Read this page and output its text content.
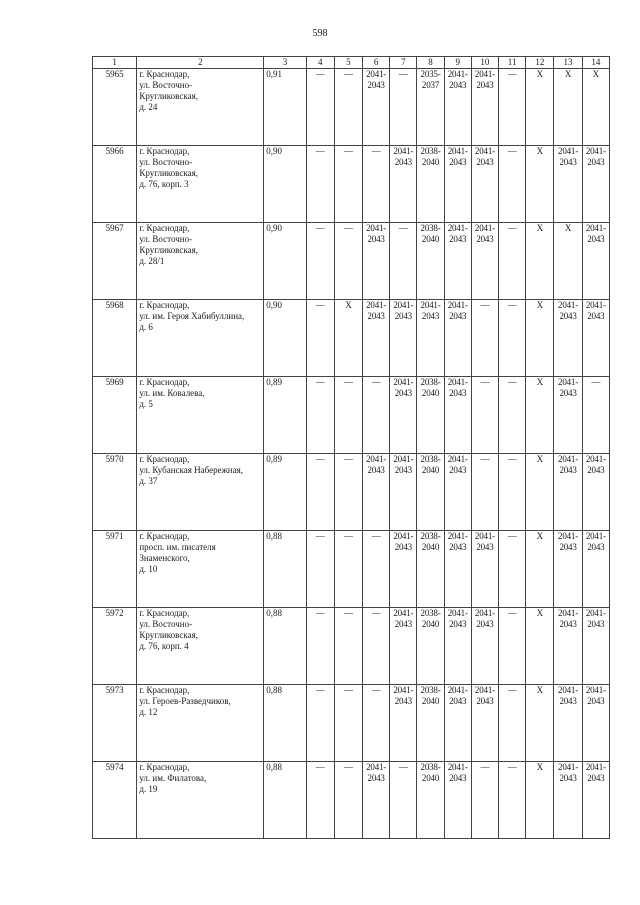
598
1	2	3	4	5	6	7	8	9	10	11	12	13	14
5965	г. Краснодар,
ул. Восточно-
Кругликовская,
д. 24	0,91	—	—	2041-
2043	—	2035-
2037	2041-
2043	2041-
2043	—	X	X	X
5966	г. Краснодар,
ул. Восточно-
Кругликовская,
д. 76, корп. 3	0,90	—	—	—	2041-
2043	2038-
2040	2041-
2043	2041-
2043	—	X	2041-
2043	2041-
2043
5967	г. Краснодар,
ул. Восточно-
Кругликовская,
д. 28/1	0,90	—	—	2041-
2043	—	2038-
2040	2041-
2043	2041-
2043	—	X	X	2041-
2043
5968	г. Краснодар,
ул. им. Героя Хабибуллина,
д. 6	0,90	—	X	2041-
2043	2041-
2043	2041-
2043	2041-
2043	—	—	X	2041-
2043	2041-
2043
5969	г. Краснодар,
ул. им. Ковалева,
д. 5	0,89	—	—	—	2041-
2043	2038-
2040	2041-
2043	—	—	X	2041-
2043	—
5970	г. Краснодар,
ул. Кубанская Набережная,
д. 37	0,89	—	—	2041-
2043	2041-
2043	2038-
2040	2041-
2043	—	—	X	2041-
2043	2041-
2043
5971	г. Краснодар,
просп. им. писателя
Знаменского,
д. 10	0,88	—	—	—	2041-
2043	2038-
2040	2041-
2043	2041-
2043	—	X	2041-
2043	2041-
2043
5972	г. Краснодар,
ул. Восточно-
Кругликовская,
д. 76, корп. 4	0,88	—	—	—	2041-
2043	2038-
2040	2041-
2043	2041-
2043	—	X	2041-
2043	2041-
2043
5973	г. Краснодар,
ул. Героев-Разведчиков,
д. 12	0,88	—	—	—	2041-
2043	2038-
2040	2041-
2043	2041-
2043	—	X	2041-
2043	2041-
2043
5974	г. Краснодар,
ул. им. Филатова,
д. 19	0,88	—	—	2041-
2043	—	2038-
2040	2041-
2043	—	—	X	2041-
2043	2041-
2043
